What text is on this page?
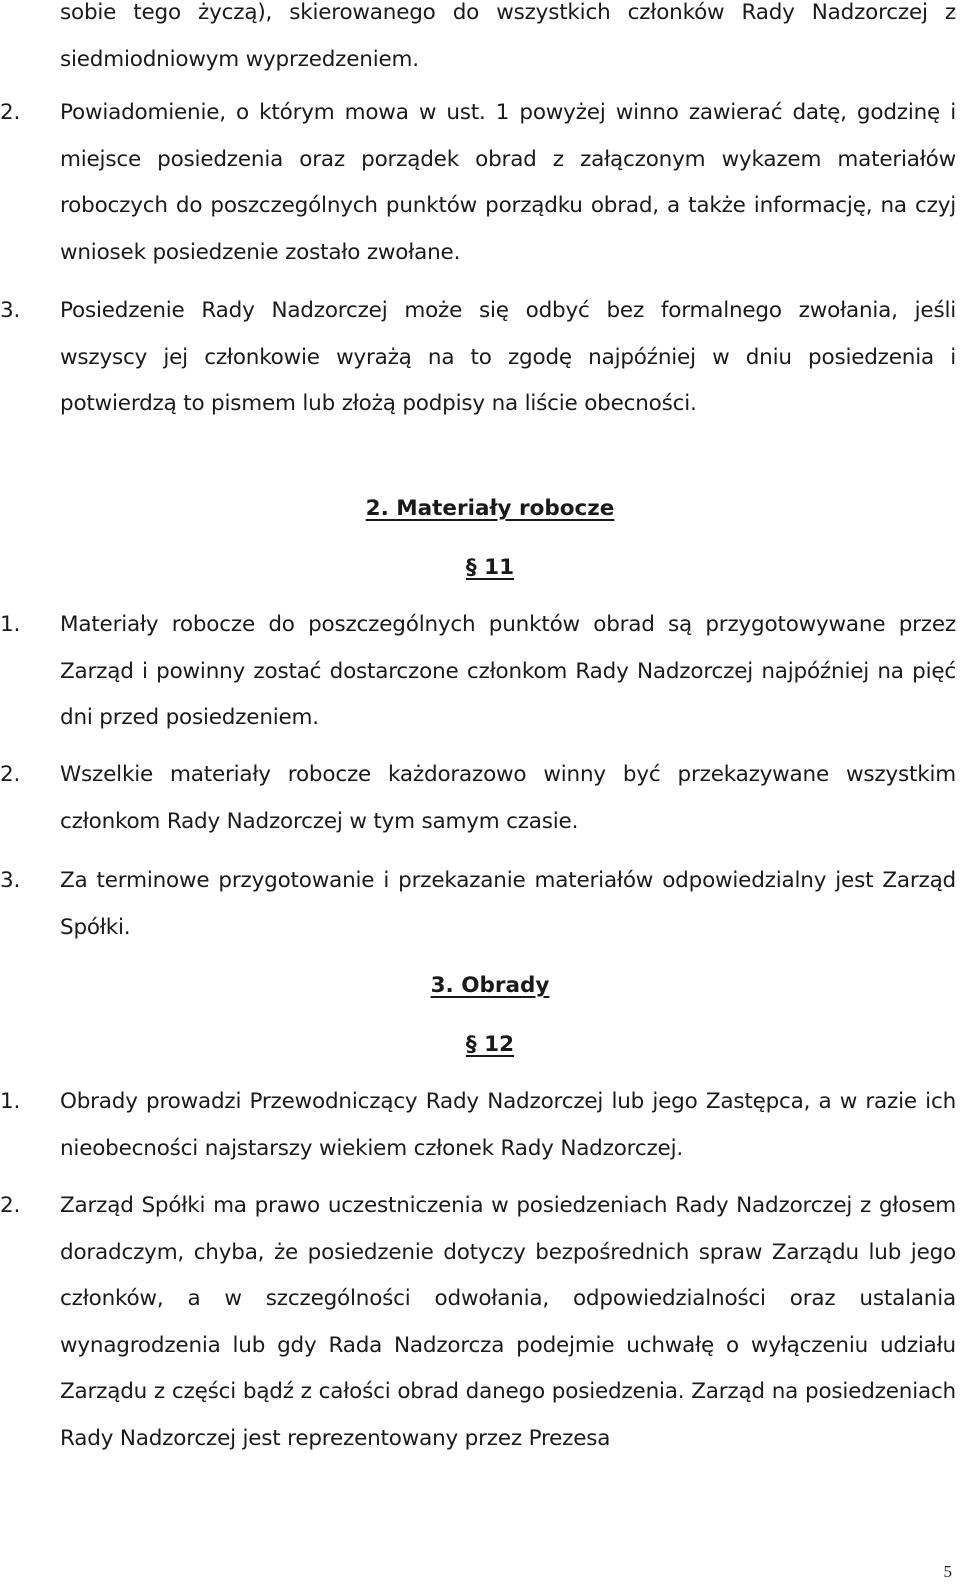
sobie tego życzą), skierowanego do wszystkich członków Rady Nadzorczej z siedmiodniowym wyprzedzeniem.
2. Powiadomienie, o którym mowa w ust. 1 powyżej winno zawierać datę, godzinę i miejsce posiedzenia oraz porządek obrad z załączonym wykazem materiałów roboczych do poszczególnych punktów porządku obrad, a także informację, na czyj wniosek posiedzenie zostało zwołane.
3. Posiedzenie Rady Nadzorczej może się odbyć bez formalnego zwołania, jeśli wszyscy jej członkowie wyrażą na to zgodę najpóźniej w dniu posiedzenia i potwierdzą to pismem lub złożą podpisy na liście obecności.
2. Materiały robocze
§ 11
1. Materiały robocze do poszczególnych punktów obrad są przygotowywane przez Zarząd i powinny zostać dostarczone członkom Rady Nadzorczej najpóźniej na pięć dni przed posiedzeniem.
2. Wszelkie materiały robocze każdorazowo winny być przekazywane wszystkim członkom Rady Nadzorczej w tym samym czasie.
3. Za terminowe przygotowanie i przekazanie materiałów odpowiedzialny jest Zarząd Spółki.
3. Obrady
§ 12
1. Obrady prowadzi Przewodniczący Rady Nadzorczej lub jego Zastępca, a w razie ich nieobecności najstarszy wiekiem członek Rady Nadzorczej.
2. Zarząd Spółki ma prawo uczestniczenia w posiedzeniach Rady Nadzorczej z głosem doradczym, chyba, że posiedzenie dotyczy bezpośrednich spraw Zarządu lub jego członków, a w szczególności odwołania, odpowiedzialności oraz ustalania wynagrodzenia lub gdy Rada Nadzorcza podejmie uchwałę o wyłączeniu udziału Zarządu z części bądź z całości obrad danego posiedzenia. Zarząd na posiedzeniach Rady Nadzorczej jest reprezentowany przez Prezesa
5
